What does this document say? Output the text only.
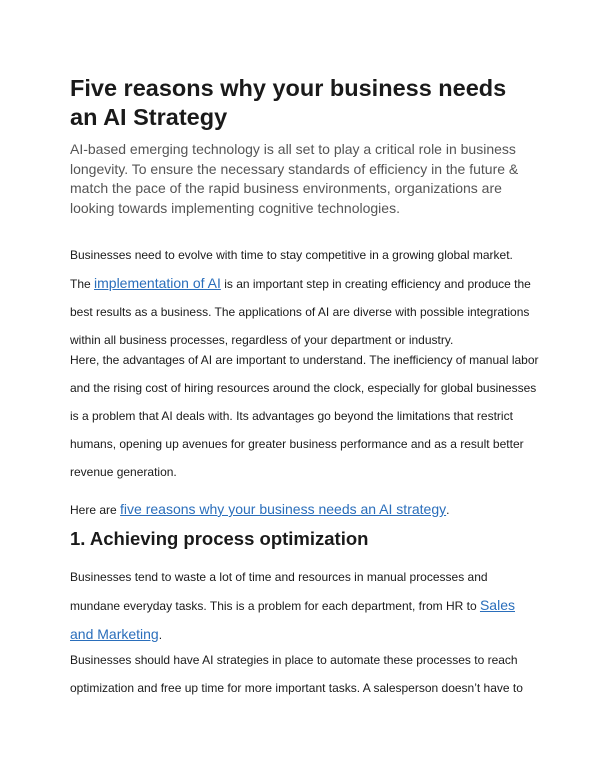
Five reasons why your business needs an AI Strategy

AI-based emerging technology is all set to play a critical role in business longevity. To ensure the necessary standards of efficiency in the future & match the pace of the rapid business environments, organizations are looking towards implementing cognitive technologies.

Businesses need to evolve with time to stay competitive in a growing global market.
The implementation of AI is an important step in creating efficiency and produce the best results as a business. The applications of AI are diverse with possible integrations within all business processes, regardless of your department or industry.

Here, the advantages of AI are important to understand. The inefficiency of manual labor and the rising cost of hiring resources around the clock, especially for global businesses is a problem that AI deals with. Its advantages go beyond the limitations that restrict humans, opening up avenues for greater business performance and as a result better revenue generation.

Here are five reasons why your business needs an AI strategy.

1. Achieving process optimization

Businesses tend to waste a lot of time and resources in manual processes and mundane everyday tasks. This is a problem for each department, from HR to Sales and Marketing.

Businesses should have AI strategies in place to automate these processes to reach optimization and free up time for more important tasks. A salesperson doesn’t have to
